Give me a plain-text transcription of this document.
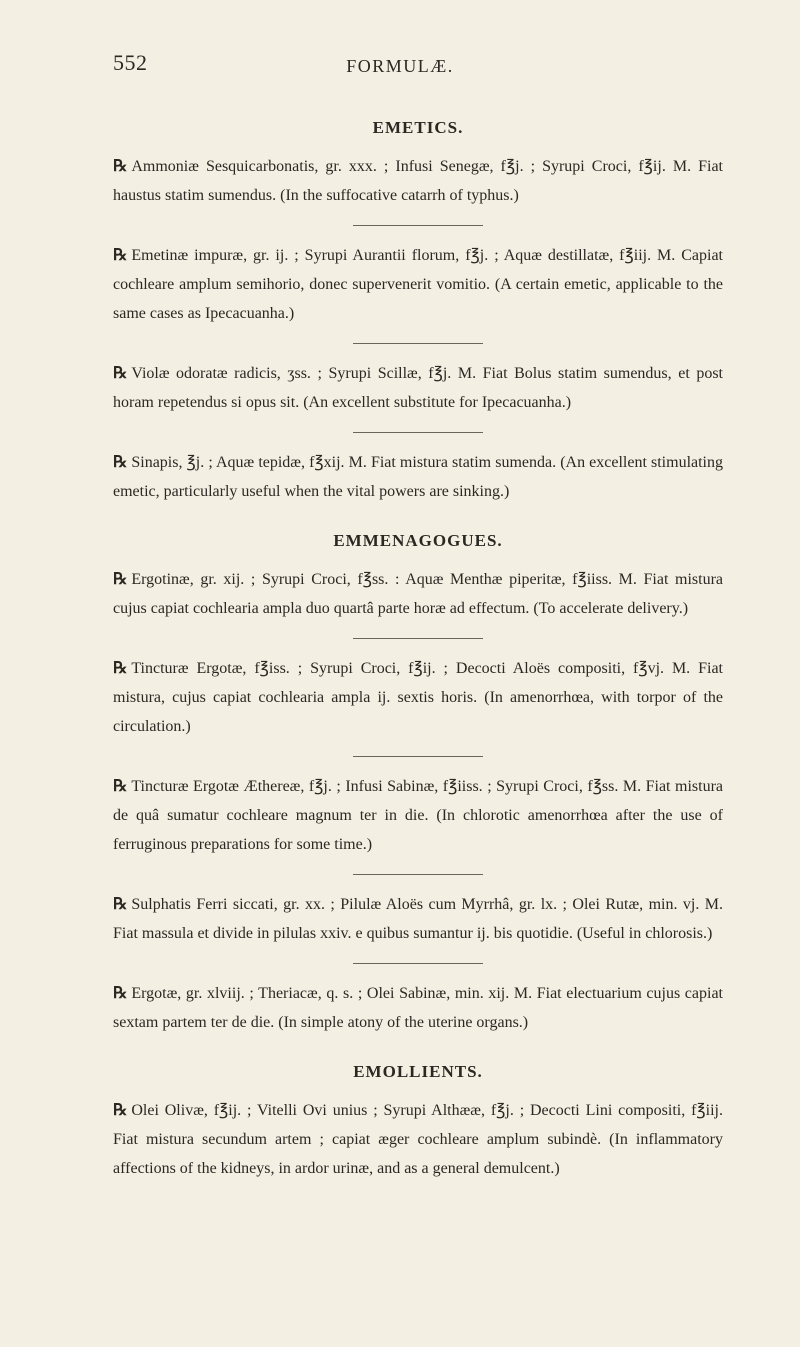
552	FORMULÆ.
EMETICS.

℞ Ammoniæ Sesquicarbonatis, gr. xxx. ; Infusi Senegæ, f℥j. ; Syrupi Croci, f℥ij. M. Fiat haustus statim sumendus. (In the suffocative catarrh of typhus.)

℞ Emetinæ impuræ, gr. ij. ; Syrupi Aurantii florum, f℥j. ; Aquæ destillatæ, f℥iij. M. Capiat cochleare amplum semihorio, donec supervenerit vomitio. (A certain emetic, applicable to the same cases as Ipecacuanha.)

℞ Violæ odoratæ radicis, ʒss. ; Syrupi Scillæ, f℥j. M. Fiat Bolus statim sumendus, et post horam repetendus si opus sit. (An excellent substitute for Ipecacuanha.)

℞ Sinapis, ℥j. ; Aquæ tepidæ, f℥xij. M. Fiat mistura statim sumenda. (An excellent stimulating emetic, particularly useful when the vital powers are sinking.)

EMMENAGOGUES.

℞ Ergotinæ, gr. xij. ; Syrupi Croci, f℥ss. : Aquæ Menthæ piperitæ, f℥iiss. M. Fiat mistura cujus capiat cochlearia ampla duo quartâ parte horæ ad effectum. (To accelerate delivery.)

℞ Tincturæ Ergotæ, f℥iss. ; Syrupi Croci, f℥ij. ; Decocti Aloës compositi, f℥vj. M. Fiat mistura, cujus capiat cochlearia ampla ij. sextis horis. (In amenorrhœa, with torpor of the circulation.)

℞ Tincturæ Ergotæ Æthereæ, f℥j. ; Infusi Sabinæ, f℥iiss. ; Syrupi Croci, f℥ss. M. Fiat mistura de quâ sumatur cochleare magnum ter in die. (In chlorotic amenorrhœa after the use of ferruginous preparations for some time.)

℞ Sulphatis Ferri siccati, gr. xx. ; Pilulæ Aloës cum Myrrhâ, gr. lx. ; Olei Rutæ, min. vj. M. Fiat massula et divide in pilulas xxiv. e quibus sumantur ij. bis quotidie. (Useful in chlorosis.)

℞ Ergotæ, gr. xlviij. ; Theriacæ, q. s. ; Olei Sabinæ, min. xij. M. Fiat electuarium cujus capiat sextam partem ter de die. (In simple atony of the uterine organs.)

EMOLLIENTS.

℞ Olei Olivæ, f℥ij. ; Vitelli Ovi unius ; Syrupi Althææ, f℥j. ; Decocti Lini compositi, f℥iij. Fiat mistura secundum artem ; capiat æger cochleare amplum subindè. (In inflammatory affections of the kidneys, in ardor urinæ, and as a general demulcent.)
